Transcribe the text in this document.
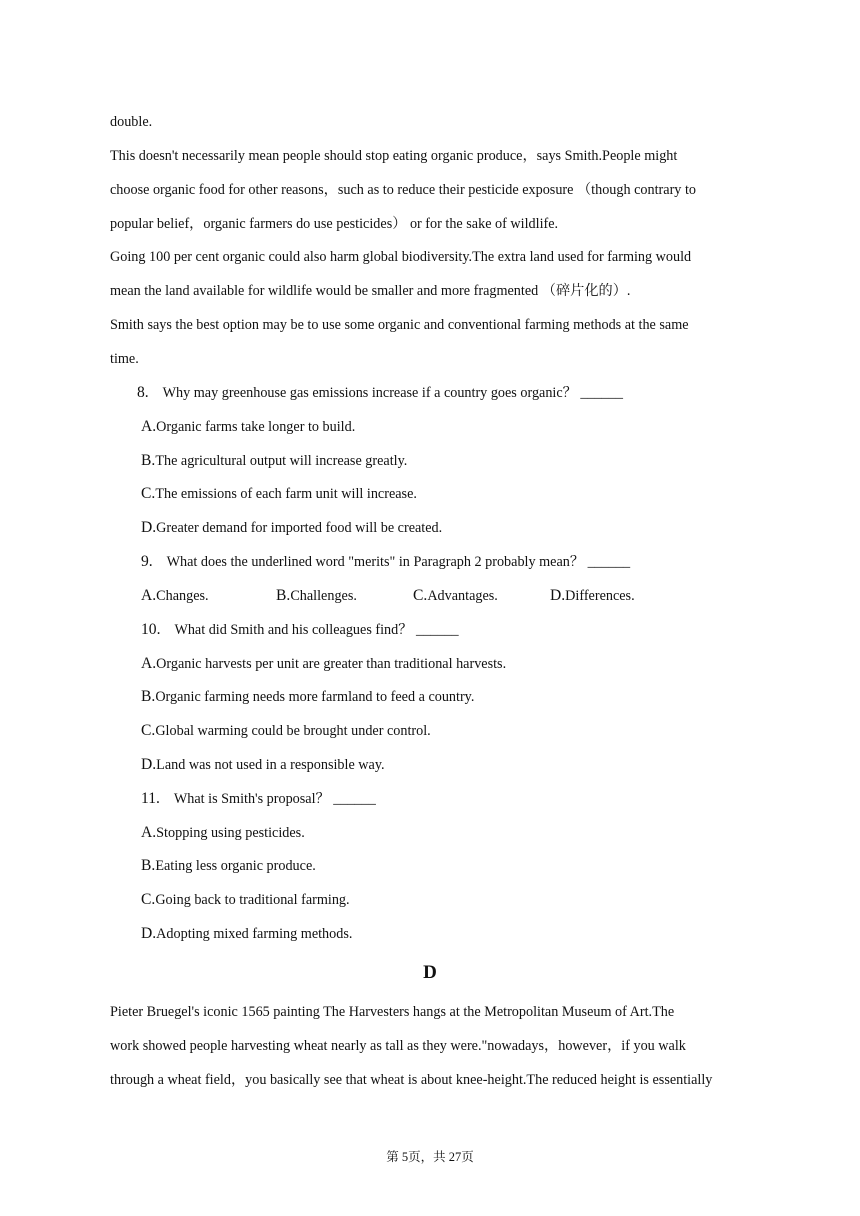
double.
This doesn't necessarily mean people should stop eating organic produce，says Smith.People might
choose organic food for other reasons，such as to reduce their pesticide exposure （though contrary to
popular belief，organic farmers do use pesticides） or for the sake of wildlife.
Going 100 per cent organic could also harm global biodiversity.The extra land used for farming would
mean the land available for wildlife would be smaller and more fragmented （碎片化的）.
Smith says the best option may be to use some organic and conventional farming methods at the same
time.
8. Why may greenhouse gas emissions increase if a country goes organic？ ______
A.Organic farms take longer to build.
B.The agricultural output will increase greatly.
C.The emissions of each farm unit will increase.
D.Greater demand for imported food will be created.
9. What does the underlined word "merits" in Paragraph 2 probably mean？ ______
A.Changes.	B.Challenges.	C.Advantages.	D.Differences.
10. What did Smith and his colleagues find？ ______
A.Organic harvests per unit are greater than traditional harvests.
B.Organic farming needs more farmland to feed a country.
C.Global warming could be brought under control.
D.Land was not used in a responsible way.
11. What is Smith's proposal？ ______
A.Stopping using pesticides.
B.Eating less organic produce.
C.Going back to traditional farming.
D.Adopting mixed farming methods.
D
Pieter Bruegel's iconic 1565 painting The Harvesters hangs at the Metropolitan Museum of Art.The
work showed people harvesting wheat nearly as tall as they were."nowadays，however，if you walk
through a wheat field，you basically see that wheat is about knee-height.The reduced height is essentially
第 5页，共 27页
